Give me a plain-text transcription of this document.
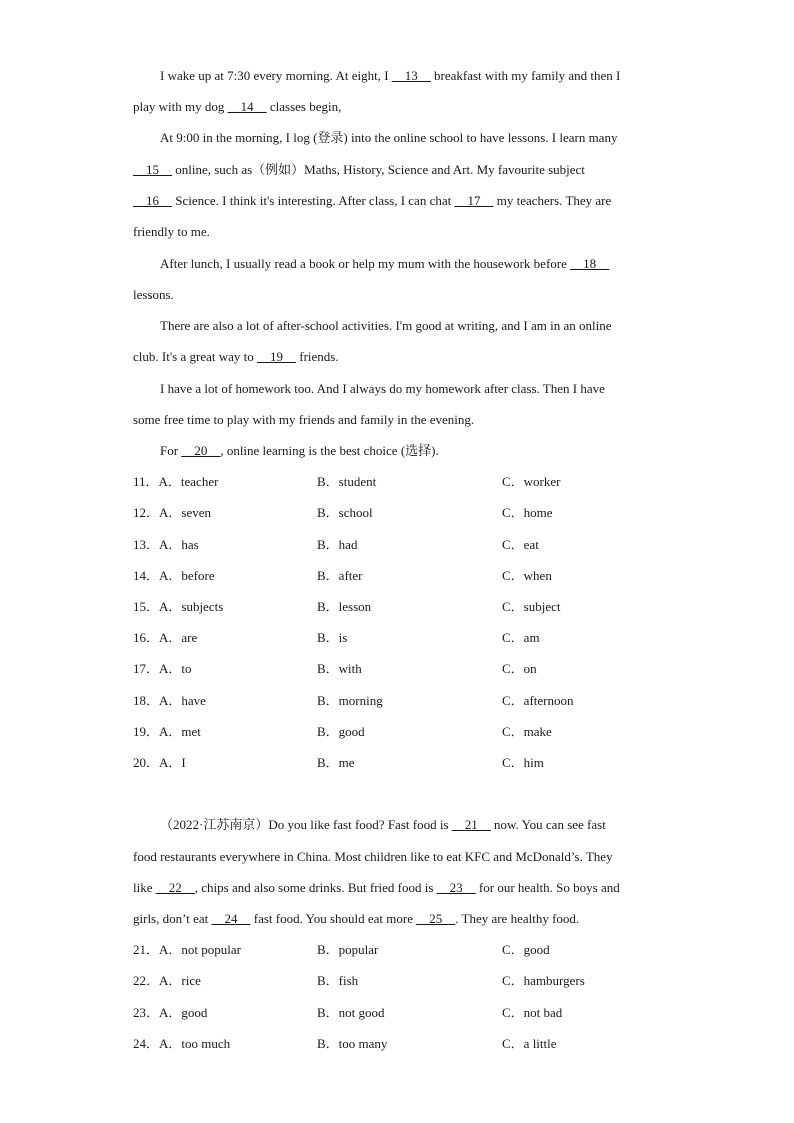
I wake up at 7:30 every morning. At eight, I __13__ breakfast with my family and then I
play with my dog __14__ classes begin,
At 9:00 in the morning, I log (登录) into the online school to have lessons. I learn many
__15__ online, such as（例如）Maths, History, Science and Art. My favourite subject
__16__ Science. I think it's interesting. After class, I can chat __17__ my teachers. They are
friendly to me.
After lunch, I usually read a book or help my mum with the housework before __18__
lessons.
There are also a lot of after-school activities. I'm good at writing, and I am in an online
club. It's a great way to __19__ friends.
I have a lot of homework too. And I always do my homework after class. Then I have
some free time to play with my friends and family in the evening.
For __20__, online learning is the best choice (选择).
11．A．teacher	B．student	C．worker
12．A．seven	B．school	C．home
13．A．has	B．had	C．eat
14．A．before	B．after	C．when
15．A．subjects	B．lesson	C．subject
16．A．are	B．is	C．am
17．A．to	B．with	C．on
18．A．have	B．morning	C．afternoon
19．A．met	B．good	C．make
20．A．I	B．me	C．him
（2022·江苏南京）Do you like fast food? Fast food is __21__ now. You can see fast
food restaurants everywhere in China. Most children like to eat KFC and McDonald’s. They
like __22__, chips and also some drinks. But fried food is __23__ for our health. So boys and
girls, don’t eat __24__ fast food. You should eat more __25__. They are healthy food.
21．A．not popular	B．popular	C．good
22．A．rice	B．fish	C．hamburgers
23．A．good	B．not good	C．not bad
24．A．too much	B．too many	C．a little
